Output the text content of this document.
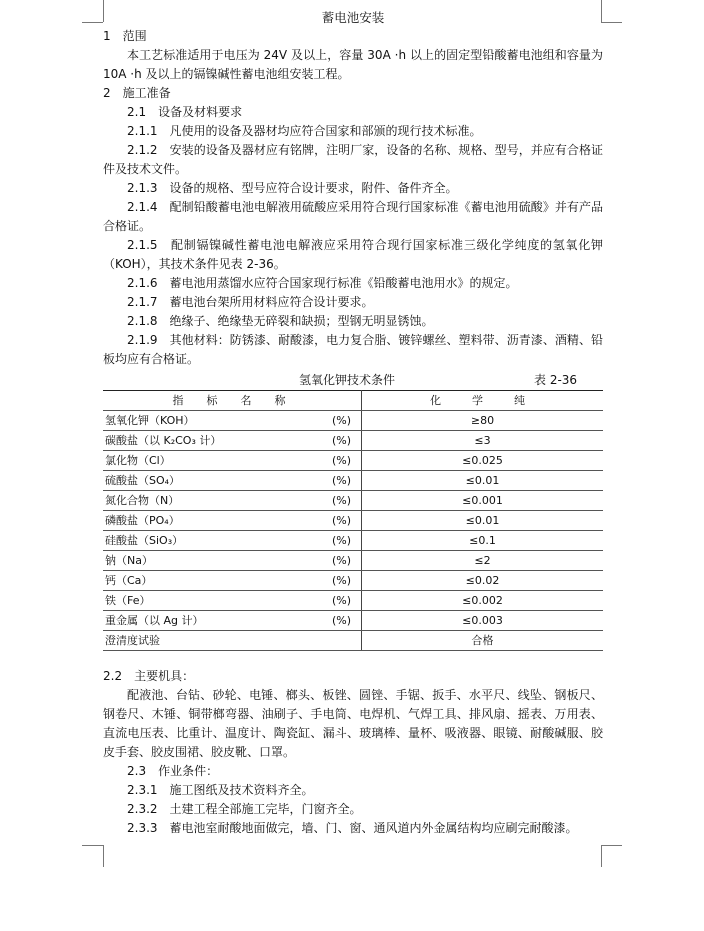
蓄电池安装

1　范围

本工艺标准适用于电压为 24V 及以上，容量 30A ·h 以上的固定型铅酸蓄电池组和容量为 10A ·h 及以上的镉镍碱性蓄电池组安装工程。

2　施工准备

2.1　设备及材料要求

2.1.1　凡使用的设备及器材均应符合国家和部颁的现行技术标准。

2.1.2　安装的设备及器材应有铭牌，注明厂家，设备的名称、规格、型号，并应有合格证件及技术文件。

2.1.3　设备的规格、型号应符合设计要求，附件、备件齐全。

2.1.4　配制铅酸蓄电池电解液用硫酸应采用符合现行国家标准《蓄电池用硫酸》并有产品合格证。

2.1.5　配制镉镍碱性蓄电池电解液应采用符合现行国家标准三级化学纯度的氢氧化钾（KOH），其技术条件见表 2-36。

2.1.6　蓄电池用蒸馏水应符合国家现行标准《铅酸蓄电池用水》的规定。

2.1.7　蓄电池台架所用材料应符合设计要求。

2.1.8　绝缘子、绝缘垫无碎裂和缺损；型钢无明显锈蚀。

2.1.9　其他材料：防锈漆、耐酸漆，电力复合脂、镀锌螺丝、塑料带、沥青漆、酒精、铅板均应有合格证。

氢氧化钾技术条件	表 2-36
指　标　名　称		化　学　纯
氢氧化钾（KOH）	(%)	≥80
碳酸盐（以 K₂CO₃ 计）	(%)	≤3
氯化物（Cl）	(%)	≤0.025
硫酸盐（SO₄）	(%)	≤0.01
氮化合物（N）	(%)	≤0.001
磷酸盐（PO₄）	(%)	≤0.01
硅酸盐（SiO₃）	(%)	≤0.1
钠（Na）	(%)	≤2
钙（Ca）	(%)	≤0.02
铁（Fe）	(%)	≤0.002
重金属（以 Ag 计）	(%)	≤0.003
澄清度试验		合格

2.2　主要机具：

配液池、台钻、砂轮、电锤、榔头、板锉、圆锉、手锯、扳手、水平尺、线坠、钢板尺、钢卷尺、木锤、铜带榔弯器、油刷子、手电筒、电焊机、气焊工具、排风扇、摇表、万用表、直流电压表、比重计、温度计、陶瓷缸、漏斗、玻璃棒、量杯、吸液器、眼镜、耐酸碱服、胶皮手套、胶皮围裙、胶皮靴、口罩。

2.3　作业条件：

2.3.1　施工图纸及技术资料齐全。

2.3.2　土建工程全部施工完毕，门窗齐全。

2.3.3　蓄电池室耐酸地面做完，墙、门、窗、通风道内外金属结构均应刷完耐酸漆。
